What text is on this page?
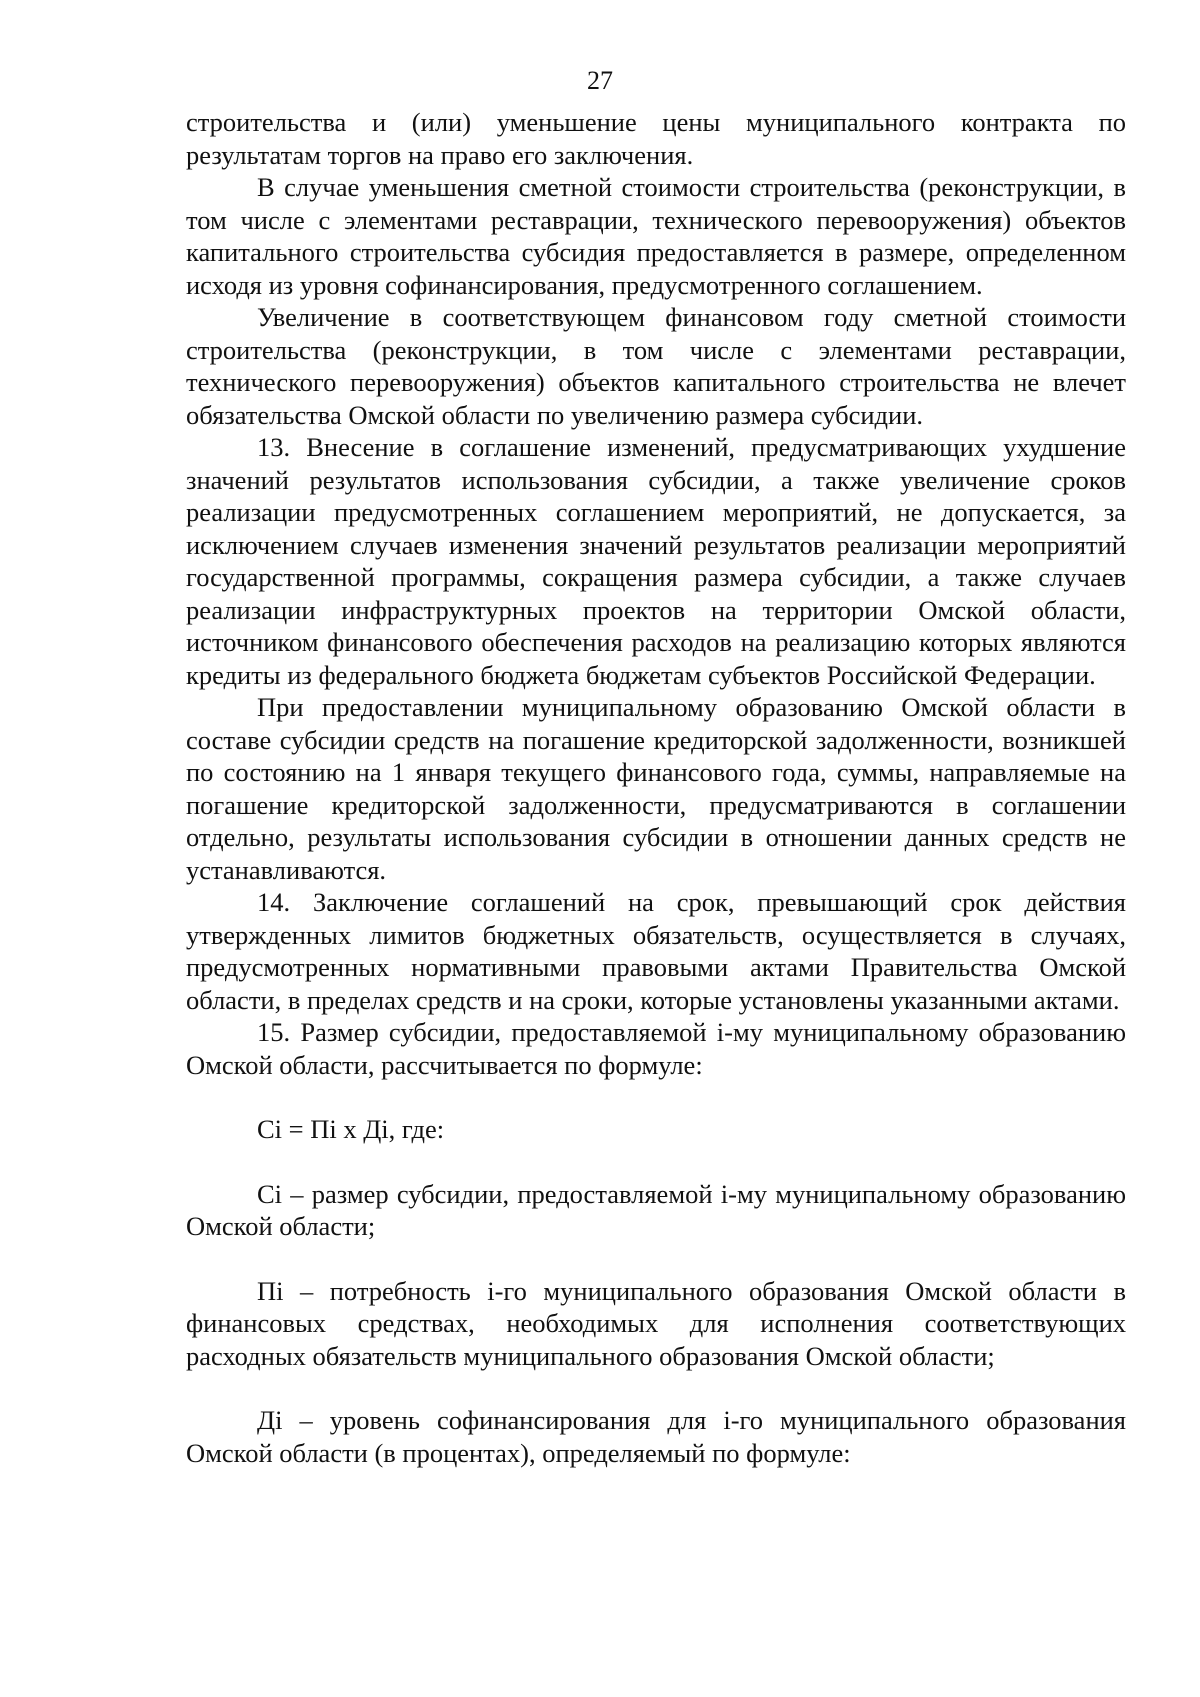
27

строительства и (или) уменьшение цены муниципального контракта по результатам торгов на право его заключения.

В случае уменьшения сметной стоимости строительства (реконструкции, в том числе с элементами реставрации, технического перевооружения) объектов капитального строительства субсидия предоставляется в размере, определенном исходя из уровня софинансирования, предусмотренного соглашением.

Увеличение в соответствующем финансовом году сметной стоимости строительства (реконструкции, в том числе с элементами реставрации, технического перевооружения) объектов капитального строительства не влечет обязательства Омской области по увеличению размера субсидии.

13. Внесение в соглашение изменений, предусматривающих ухудшение значений результатов использования субсидии, а также увеличение сроков реализации предусмотренных соглашением мероприятий, не допускается, за исключением случаев изменения значений результатов реализации мероприятий государственной программы, сокращения размера субсидии, а также случаев реализации инфраструктурных проектов на территории Омской области, источником финансового обеспечения расходов на реализацию которых являются кредиты из федерального бюджета бюджетам субъектов Российской Федерации.

При предоставлении муниципальному образованию Омской области в составе субсидии средств на погашение кредиторской задолженности, возникшей по состоянию на 1 января текущего финансового года, суммы, направляемые на погашение кредиторской задолженности, предусматриваются в соглашении отдельно, результаты использования субсидии в отношении данных средств не устанавливаются.

14. Заключение соглашений на срок, превышающий срок действия утвержденных лимитов бюджетных обязательств, осуществляется в случаях, предусмотренных нормативными правовыми актами Правительства Омской области, в пределах средств и на сроки, которые установлены указанными актами.

15. Размер субсидии, предоставляемой i-му муниципальному образованию Омской области, рассчитывается по формуле:

Сi = Пi х Дi, где:

Сi – размер субсидии, предоставляемой i-му муниципальному образованию Омской области;

Пi – потребность i-го муниципального образования Омской области в финансовых средствах, необходимых для исполнения соответствующих расходных обязательств муниципального образования Омской области;

Дi – уровень софинансирования для i-го муниципального образования Омской области (в процентах), определяемый по формуле:
